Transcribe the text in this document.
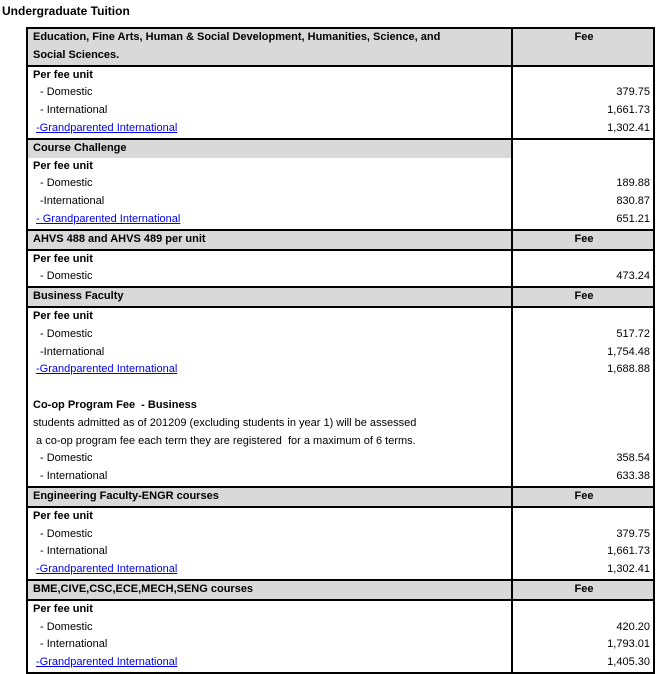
Undergraduate Tuition
Education, Fine Arts, Human & Social Development, Humanities, Science, and
Social Sciences.	Fee
Per fee unit	
- Domestic	379.75
- International	1,661.73
-Grandparented International	1,302.41
Course Challenge	
Per fee unit	
- Domestic	189.88
-International	830.87
- Grandparented International	651.21
AHVS 488 and AHVS 489 per unit	Fee
Per fee unit	
- Domestic	473.24
Business Faculty	Fee
Per fee unit	
- Domestic	517.72
-International	1,754.48
-Grandparented International	1,688.88

Co-op Program Fee  - Business	
students admitted as of 201209 (excluding students in year 1) will be assessed	
a co-op program fee each term they are registered  for a maximum of 6 terms.	
- Domestic	358.54
- International	633.38
Engineering Faculty-ENGR courses	Fee
Per fee unit	
- Domestic	379.75
- International	1,661.73
-Grandparented International	1,302.41
BME,CIVE,CSC,ECE,MECH,SENG courses	Fee
Per fee unit	
- Domestic	420.20
- International	1,793.01
-Grandparented International	1,405.30
